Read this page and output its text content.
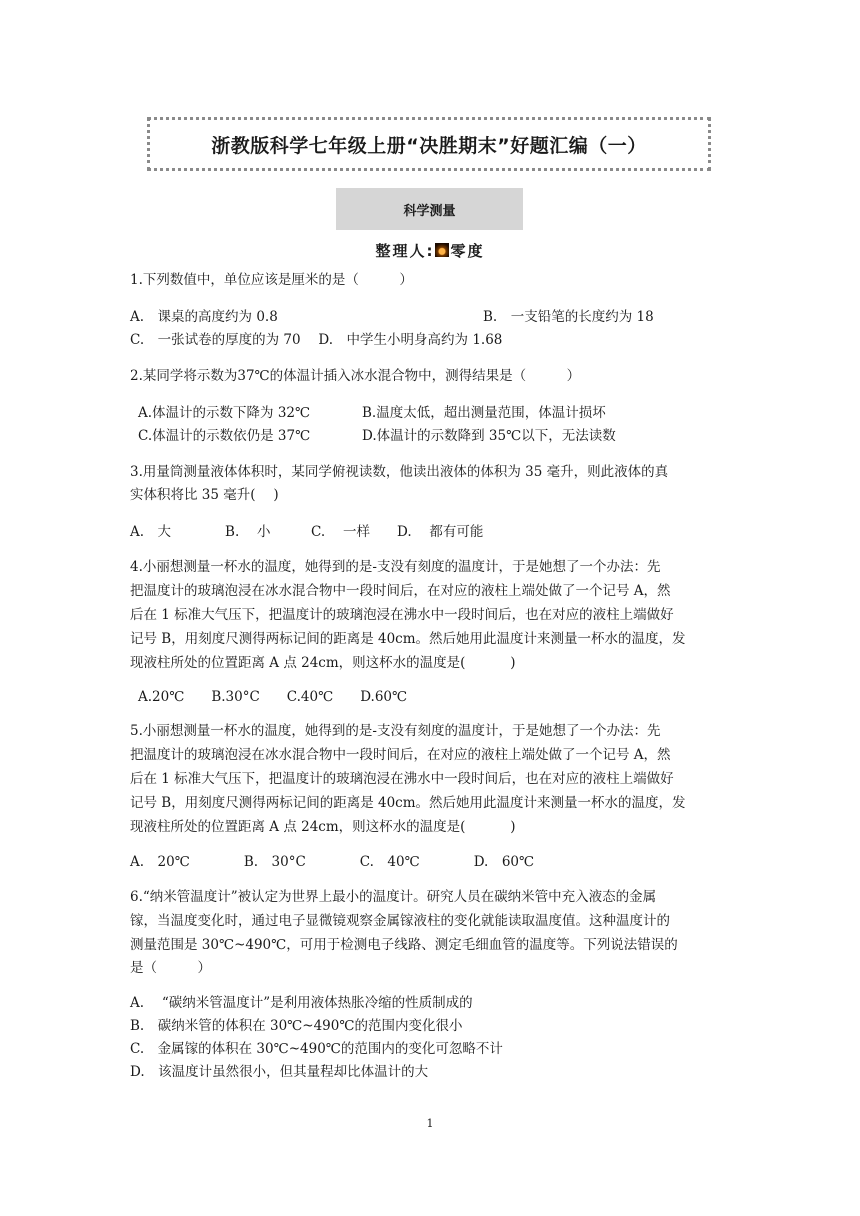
浙教版科学七年级上册“决胜期末”好题汇编（一）
科学测量
整理人: 零度
1.下列数值中，单位应该是厘米的是（　　　）
A.　课桌的高度约为 0.8	B.　一支铅笔的长度约为 18
C.　一张试卷的厚度的为 70　 D.　中学生小明身高约为 1.68
2.某同学将示数为37℃的体温计插入冰水混合物中，测得结果是（　　　）
A.体温计的示数下降为 32℃	B.温度太低，超出测量范围，体温计损坏
C.体温计的示数依仍是 37℃	D.体温计的示数降到 35℃以下，无法读数
3.用量筒测量液体体积时，某同学俯视读数，他读出液体的体积为 35 毫升，则此液体的真
实体积将比 35 毫升(　 )
A.　大　　　　B.　 小　　　C.　 一样　　D.　 都有可能
4.小丽想测量一杯水的温度，她得到的是-支没有刻度的温度计，于是她想了一个办法：先
把温度计的玻璃泡浸在冰水混合物中一段时间后，在对应的液柱上端处做了一个记号 A，然
后在 1 标准大气压下，把温度计的玻璃泡浸在沸水中一段时间后，也在对应的液柱上端做好
记号 B，用刻度尺测得两标记间的距离是 40cm。然后她用此温度计来测量一杯水的温度，发
现液柱所处的位置距离 A 点 24cm，则这杯水的温度是(　　　 )
A.20℃　　B.30°C　　C.40℃　　D.60℃
5.小丽想测量一杯水的温度，她得到的是-支没有刻度的温度计，于是她想了一个办法：先
把温度计的玻璃泡浸在冰水混合物中一段时间后，在对应的液柱上端处做了一个记号 A，然
后在 1 标准大气压下，把温度计的玻璃泡浸在沸水中一段时间后，也在对应的液柱上端做好
记号 B，用刻度尺测得两标记间的距离是 40cm。然后她用此温度计来测量一杯水的温度，发
现液柱所处的位置距离 A 点 24cm，则这杯水的温度是(　　　 )
A.　20℃　　　　B.　30°C　　　　C.　40℃　　　　D.　60℃
6.“纳米管温度计”被认定为世界上最小的温度计。研究人员在碳纳米管中充入液态的金属
镓，当温度变化时，通过电子显微镜观察金属镓液柱的变化就能读取温度值。这种温度计的
测量范围是 30℃~490℃，可用于检测电子线路、测定毛细血管的温度等。下列说法错误的
是（　　　）
A.　 “碳纳米管温度计”是利用液体热胀冷缩的性质制成的
B.　碳纳米管的体积在 30℃~490℃的范围内变化很小
C.　金属镓的体积在 30℃~490℃的范围内的变化可忽略不计
D.　该温度计虽然很小，但其量程却比体温计的大
1
